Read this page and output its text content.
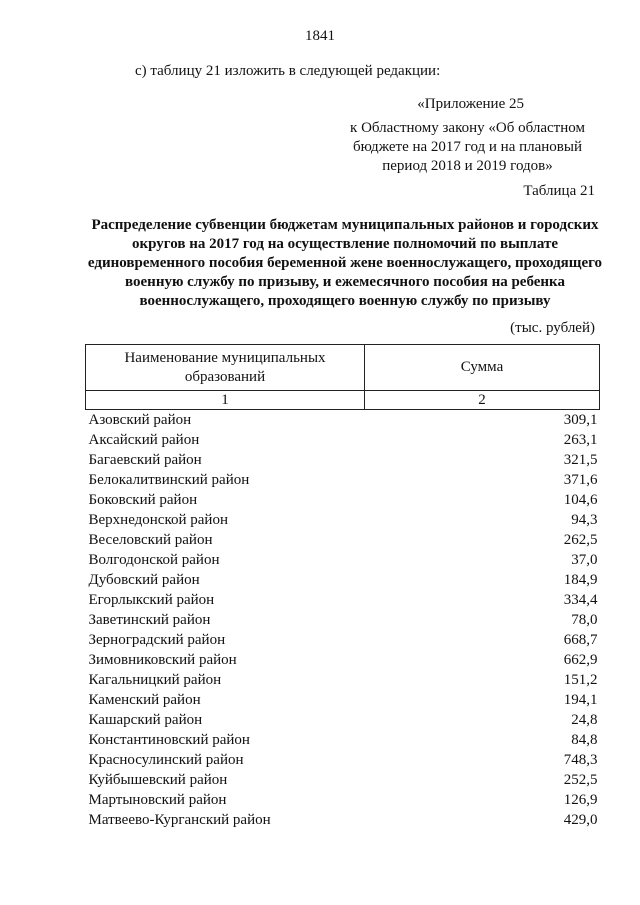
1841
с) таблицу 21 изложить в следующей редакции:
«Приложение 25
к Областному закону «Об областном бюджете на 2017 год и на плановый период 2018 и 2019 годов»
Таблица 21
Распределение субвенции бюджетам муниципальных районов и городских округов на 2017 год на осуществление полномочий по выплате единовременного пособия беременной жене военнослужащего, проходящего военную службу по призыву, и ежемесячного пособия на ребенка военнослужащего, проходящего военную службу по призыву
(тыс. рублей)
Наименование муниципальных образований	Сумма
1	2
Азовский район	309,1
Аксайский район	263,1
Багаевский район	321,5
Белокалитвинский район	371,6
Боковский район	104,6
Верхнедонской район	94,3
Веселовский район	262,5
Волгодонской район	37,0
Дубовский район	184,9
Егорлыкский район	334,4
Заветинский район	78,0
Зерноградский район	668,7
Зимовниковский район	662,9
Кагальницкий район	151,2
Каменский район	194,1
Кашарский район	24,8
Константиновский район	84,8
Красносулинский район	748,3
Куйбышевский район	252,5
Мартыновский район	126,9
Матвеево-Курганский район	429,0
